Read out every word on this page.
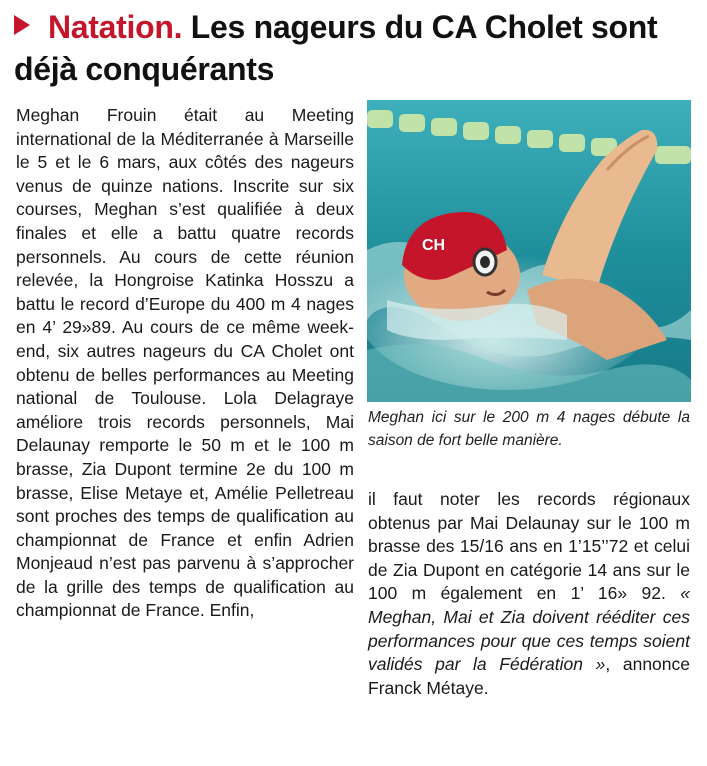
Natation. Les nageurs du CA Cholet sont déjà conquérants

Meghan Frouin était au Meeting international de la Méditerranée à Marseille le 5 et le 6 mars, aux côtés des nageurs venus de quinze nations. Inscrite sur six courses, Meghan s’est qualifiée à deux finales et elle a battu quatre records personnels. Au cours de cette réunion relevée, la Hongroise Katinka Hosszu a battu le record d’Europe du 400 m 4 nages en 4’ 29»89. Au cours de ce même week-end, six autres nageurs du CA Cholet ont obtenu de belles performances au Meeting national de Toulouse. Lola Delagraye améliore trois records personnels, Mai Delaunay remporte le 50 m et le 100 m brasse, Zia Dupont termine 2e du 100 m brasse, Elise Metaye et, Amélie Pelletreau sont proches des temps de qualification au championnat de France et enfin Adrien Monjeaud n’est pas parvenu à s’approcher de la grille des temps de qualification au championnat de France. Enfin,

CH
Meghan ici sur le 200 m 4 nages débute la saison de fort belle manière.

il faut noter les records régionaux obtenus par Mai Delaunay sur le 100 m brasse des 15/16 ans en 1’15’’72 et celui de Zia Dupont en catégorie 14 ans sur le 100 m également en 1’ 16» 92. « Meghan, Mai et Zia doivent rééditer ces performances pour que ces temps soient validés par la Fédération », annonce Franck Métaye.
